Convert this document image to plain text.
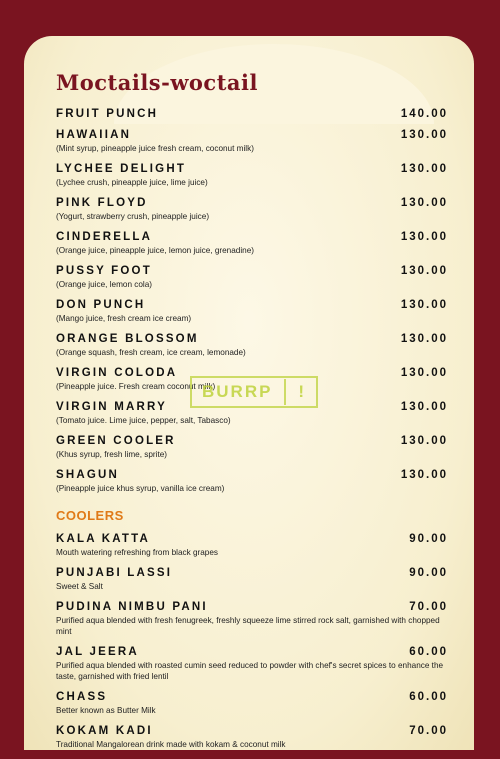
Moctails-woctail
FRUIT PUNCH	140.00
HAWAIIAN	130.00
(Mint syrup, pineapple juice fresh cream, coconut milk)
LYCHEE DELIGHT	130.00
(Lychee crush, pineapple juice, lime juice)
PINK FLOYD	130.00
(Yogurt, strawberry crush, pineapple juice)
CINDERELLA	130.00
(Orange juice, pineapple juice, lemon juice, grenadine)
PUSSY FOOT	130.00
(Orange juice, lemon cola)
DON PUNCH	130.00
(Mango juice, fresh cream ice cream)
ORANGE BLOSSOM	130.00
(Orange squash, fresh cream, ice cream, lemonade)
VIRGIN COLODA	130.00
(Pineapple juice. Fresh cream coconut milk)
VIRGIN MARRY	130.00
(Tomato juice. Lime juice, pepper, salt, Tabasco)
GREEN COOLER	130.00
(Khus syrup, fresh lime, sprite)
SHAGUN	130.00
(Pineapple juice khus syrup, vanilla ice cream)
COOLERS
KALA KATTA	90.00
Mouth watering refreshing from black grapes
PUNJABI LASSI	90.00
Sweet & Salt
PUDINA NIMBU PANI	70.00
Purified aqua blended with fresh fenugreek, freshly squeeze lime stirred rock salt, garnished with chopped mint
JAL JEERA	60.00
Purified aqua blended with roasted cumin seed reduced to powder with chef's secret spices to enhance the taste, garnished with fried lentil
CHASS	60.00
Better known as Butter Milk
KOKAM KADI	70.00
Traditional Mangalorean drink made with kokam & coconut milk
BURRP !
